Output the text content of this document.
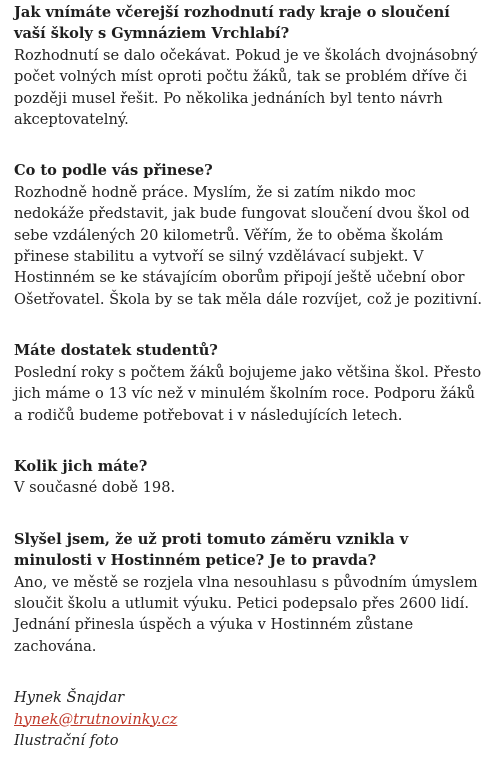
Jak vnímáte včerejší rozhodnutí rady kraje o sloučení vaší školy s Gymnáziem Vrchlabí?

Rozhodnutí se dalo očekávat. Pokud je ve školách dvojnásobný počet volných míst oproti počtu žáků, tak se problém dříve či později musel řešit. Po několika jednáních byl tento návrh akceptovatelný.

Co to podle vás přinese?

Rozhodně hodně práce. Myslím, že si zatím nikdo moc nedokáže představit, jak bude fungovat sloučení dvou škol od sebe vzdálených 20 kilometrů. Věřím, že to oběma školám přinese stabilitu a vytvoří se silný vzdělávací subjekt. V Hostinném se ke stávajícím oborům připojí ještě učební obor Ošetřovatel. Škola by se tak měla dále rozvíjet, což je pozitivní.

Máte dostatek studentů?

Poslední roky s počtem žáků bojujeme jako většina škol. Přesto jich máme o 13 víc než v minulém školním roce. Podporu žáků a rodičů budeme potřebovat i v následujících letech.

Kolik jich máte?

V současné době 198.

Slyšel jsem, že už proti tomuto záměru vznikla v minulosti v Hostinném petice? Je to pravda?

Ano, ve městě se rozjela vlna nesouhlasu s původním úmyslem sloučit školu a utlumit výuku. Petici podepsalo přes 2600 lidí. Jednání přinesla úspěch a výuka v Hostinném zůstane zachována.

Hynek Šnajdar
hynek@trutnovinky.cz
Ilustrační foto
